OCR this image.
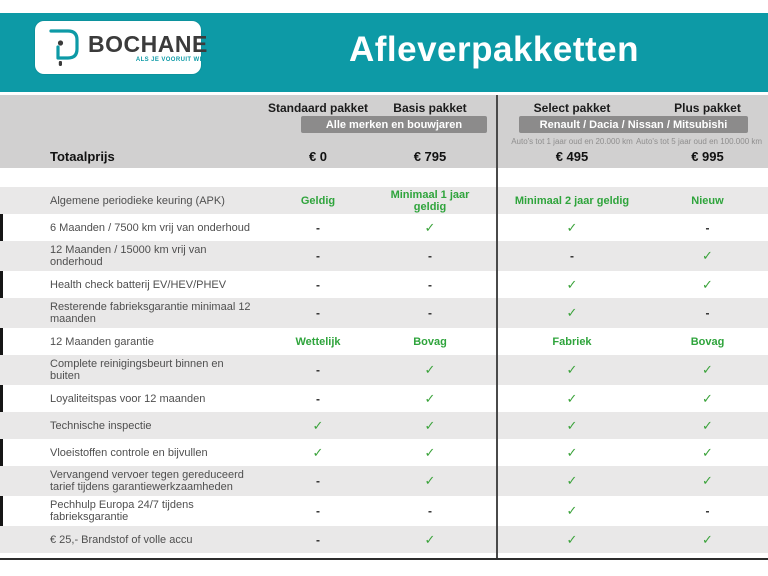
BOCHANE
ALS JE VOORUIT WIL.	Afleverpakketten
Standaard pakket	Basis pakket	Select pakket	Plus pakket
Alle merken en bouwjaren	Renault / Dacia / Nissan / Mitsubishi
Auto's tot 1 jaar oud en 20.000 km Auto's tot 5 jaar oud en 100.000 km
Totaalprijs	€ 0	€ 795	€ 495	€ 995
Algemene periodieke keuring (APK)	Geldig	Minimaal 1 jaar geldig	Minimaal 2 jaar geldig	Nieuw
6 Maanden / 7500 km vrij van onderhoud	-	✓	✓	-
12 Maanden / 15000 km vrij van onderhoud	-	-	-	✓
Health check batterij EV/HEV/PHEV	-	-	✓	✓
Resterende fabrieksgarantie minimaal 12 maanden	-	-	✓	-
12 Maanden garantie	Wettelijk	Bovag	Fabriek	Bovag
Complete reinigingsbeurt binnen en buiten	-	✓	✓	✓
Loyaliteitspas voor 12 maanden	-	✓	✓	✓
Technische inspectie	✓	✓	✓	✓
Vloeistoffen controle en bijvullen	✓	✓	✓	✓
Vervangend vervoer tegen gereduceerd tarief tijdens garantiewerkzaamheden	-	✓	✓	✓
Pechhulp Europa 24/7 tijdens fabrieksgarantie	-	-	✓	-
€ 25,- Brandstof of volle accu	-	✓	✓	✓
